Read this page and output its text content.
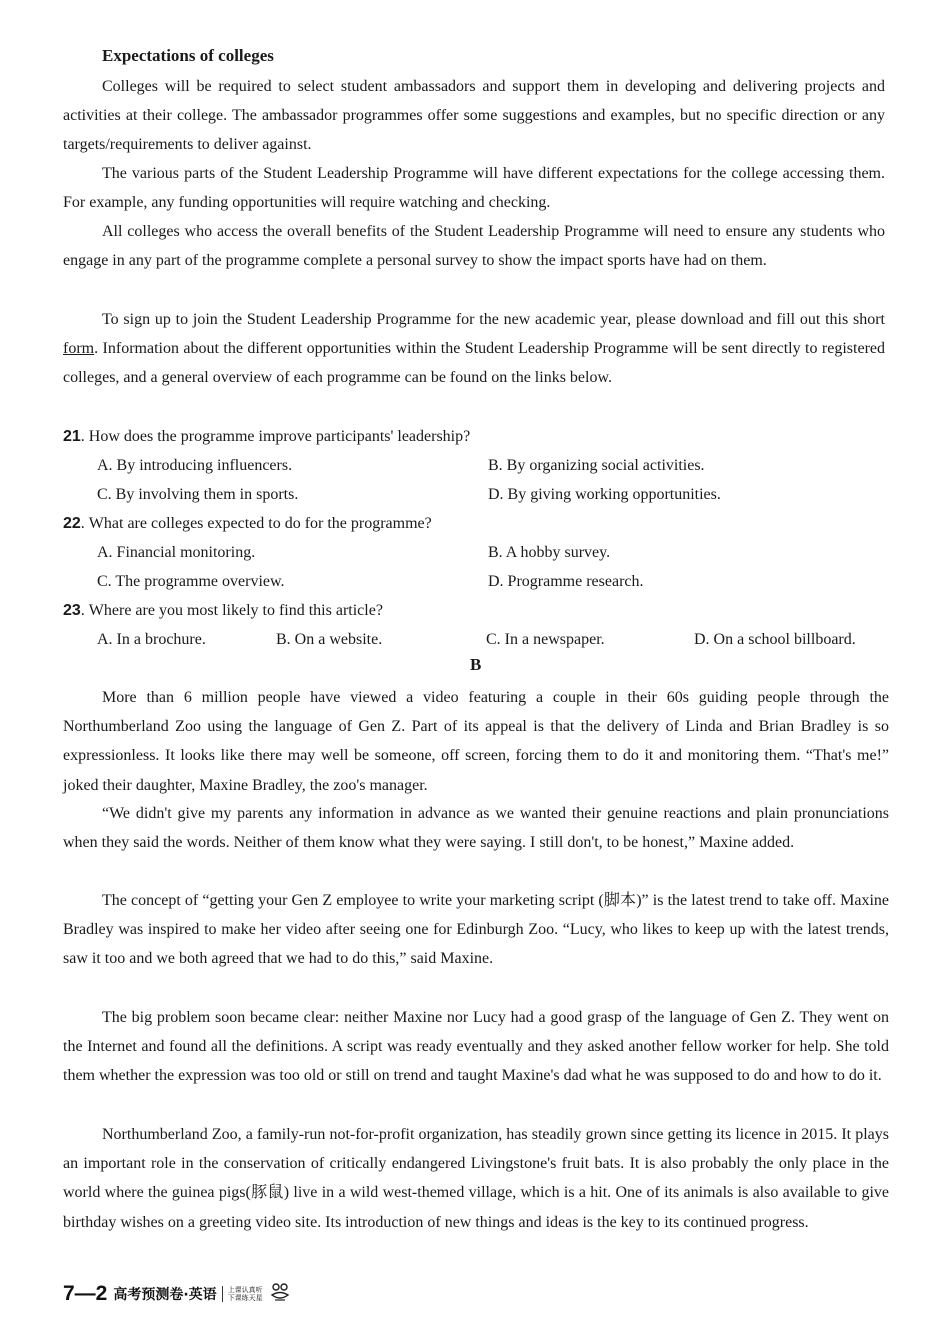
Expectations of colleges

Colleges will be required to select student ambassadors and support them in developing and delivering projects and activities at their college. The ambassador programmes offer some suggestions and examples, but no specific direction or any targets/requirements to deliver against.

The various parts of the Student Leadership Programme will have different expectations for the college accessing them. For example, any funding opportunities will require watching and checking.

All colleges who access the overall benefits of the Student Leadership Programme will need to ensure any students who engage in any part of the programme complete a personal survey to show the impact sports have had on them.

To sign up to join the Student Leadership Programme for the new academic year, please download and fill out this short form. Information about the different opportunities within the Student Leadership Programme will be sent directly to registered colleges, and a general overview of each programme can be found on the links below.

21. How does the programme improve participants' leadership?
A. By introducing influencers.	B. By organizing social activities.
C. By involving them in sports.	D. By giving working opportunities.
22. What are colleges expected to do for the programme?
A. Financial monitoring.	B. A hobby survey.
C. The programme overview.	D. Programme research.
23. Where are you most likely to find this article?
A. In a brochure.	B. On a website.	C. In a newspaper.	D. On a school billboard.
B

More than 6 million people have viewed a video featuring a couple in their 60s guiding people through the Northumberland Zoo using the language of Gen Z. Part of its appeal is that the delivery of Linda and Brian Bradley is so expressionless. It looks like there may well be someone, off screen, forcing them to do it and monitoring them. “That's me!” joked their daughter, Maxine Bradley, the zoo's manager.

“We didn't give my parents any information in advance as we wanted their genuine reactions and plain pronunciations when they said the words. Neither of them know what they were saying. I still don't, to be honest,” Maxine added.

The concept of “getting your Gen Z employee to write your marketing script (脚本)” is the latest trend to take off. Maxine Bradley was inspired to make her video after seeing one for Edinburgh Zoo. “Lucy, who likes to keep up with the latest trends, saw it too and we both agreed that we had to do this,” said Maxine.

The big problem soon became clear: neither Maxine nor Lucy had a good grasp of the language of Gen Z. They went on the Internet and found all the definitions. A script was ready eventually and they asked another fellow worker for help. She told them whether the expression was too old or still on trend and taught Maxine's dad what he was supposed to do and how to do it.

Northumberland Zoo, a family-run not-for-profit organization, has steadily grown since getting its licence in 2015. It plays an important role in the conservation of critically endangered Livingstone's fruit bats. It is also probably the only place in the world where the guinea pigs(豚鼠) live in a wild west-themed village, which is a hit. One of its animals is also available to give birthday wishes on a greeting video site. Its introduction of new things and ideas is the key to its continued progress.

7—2 高考预测卷·英语 上课认真听
下课练天星
